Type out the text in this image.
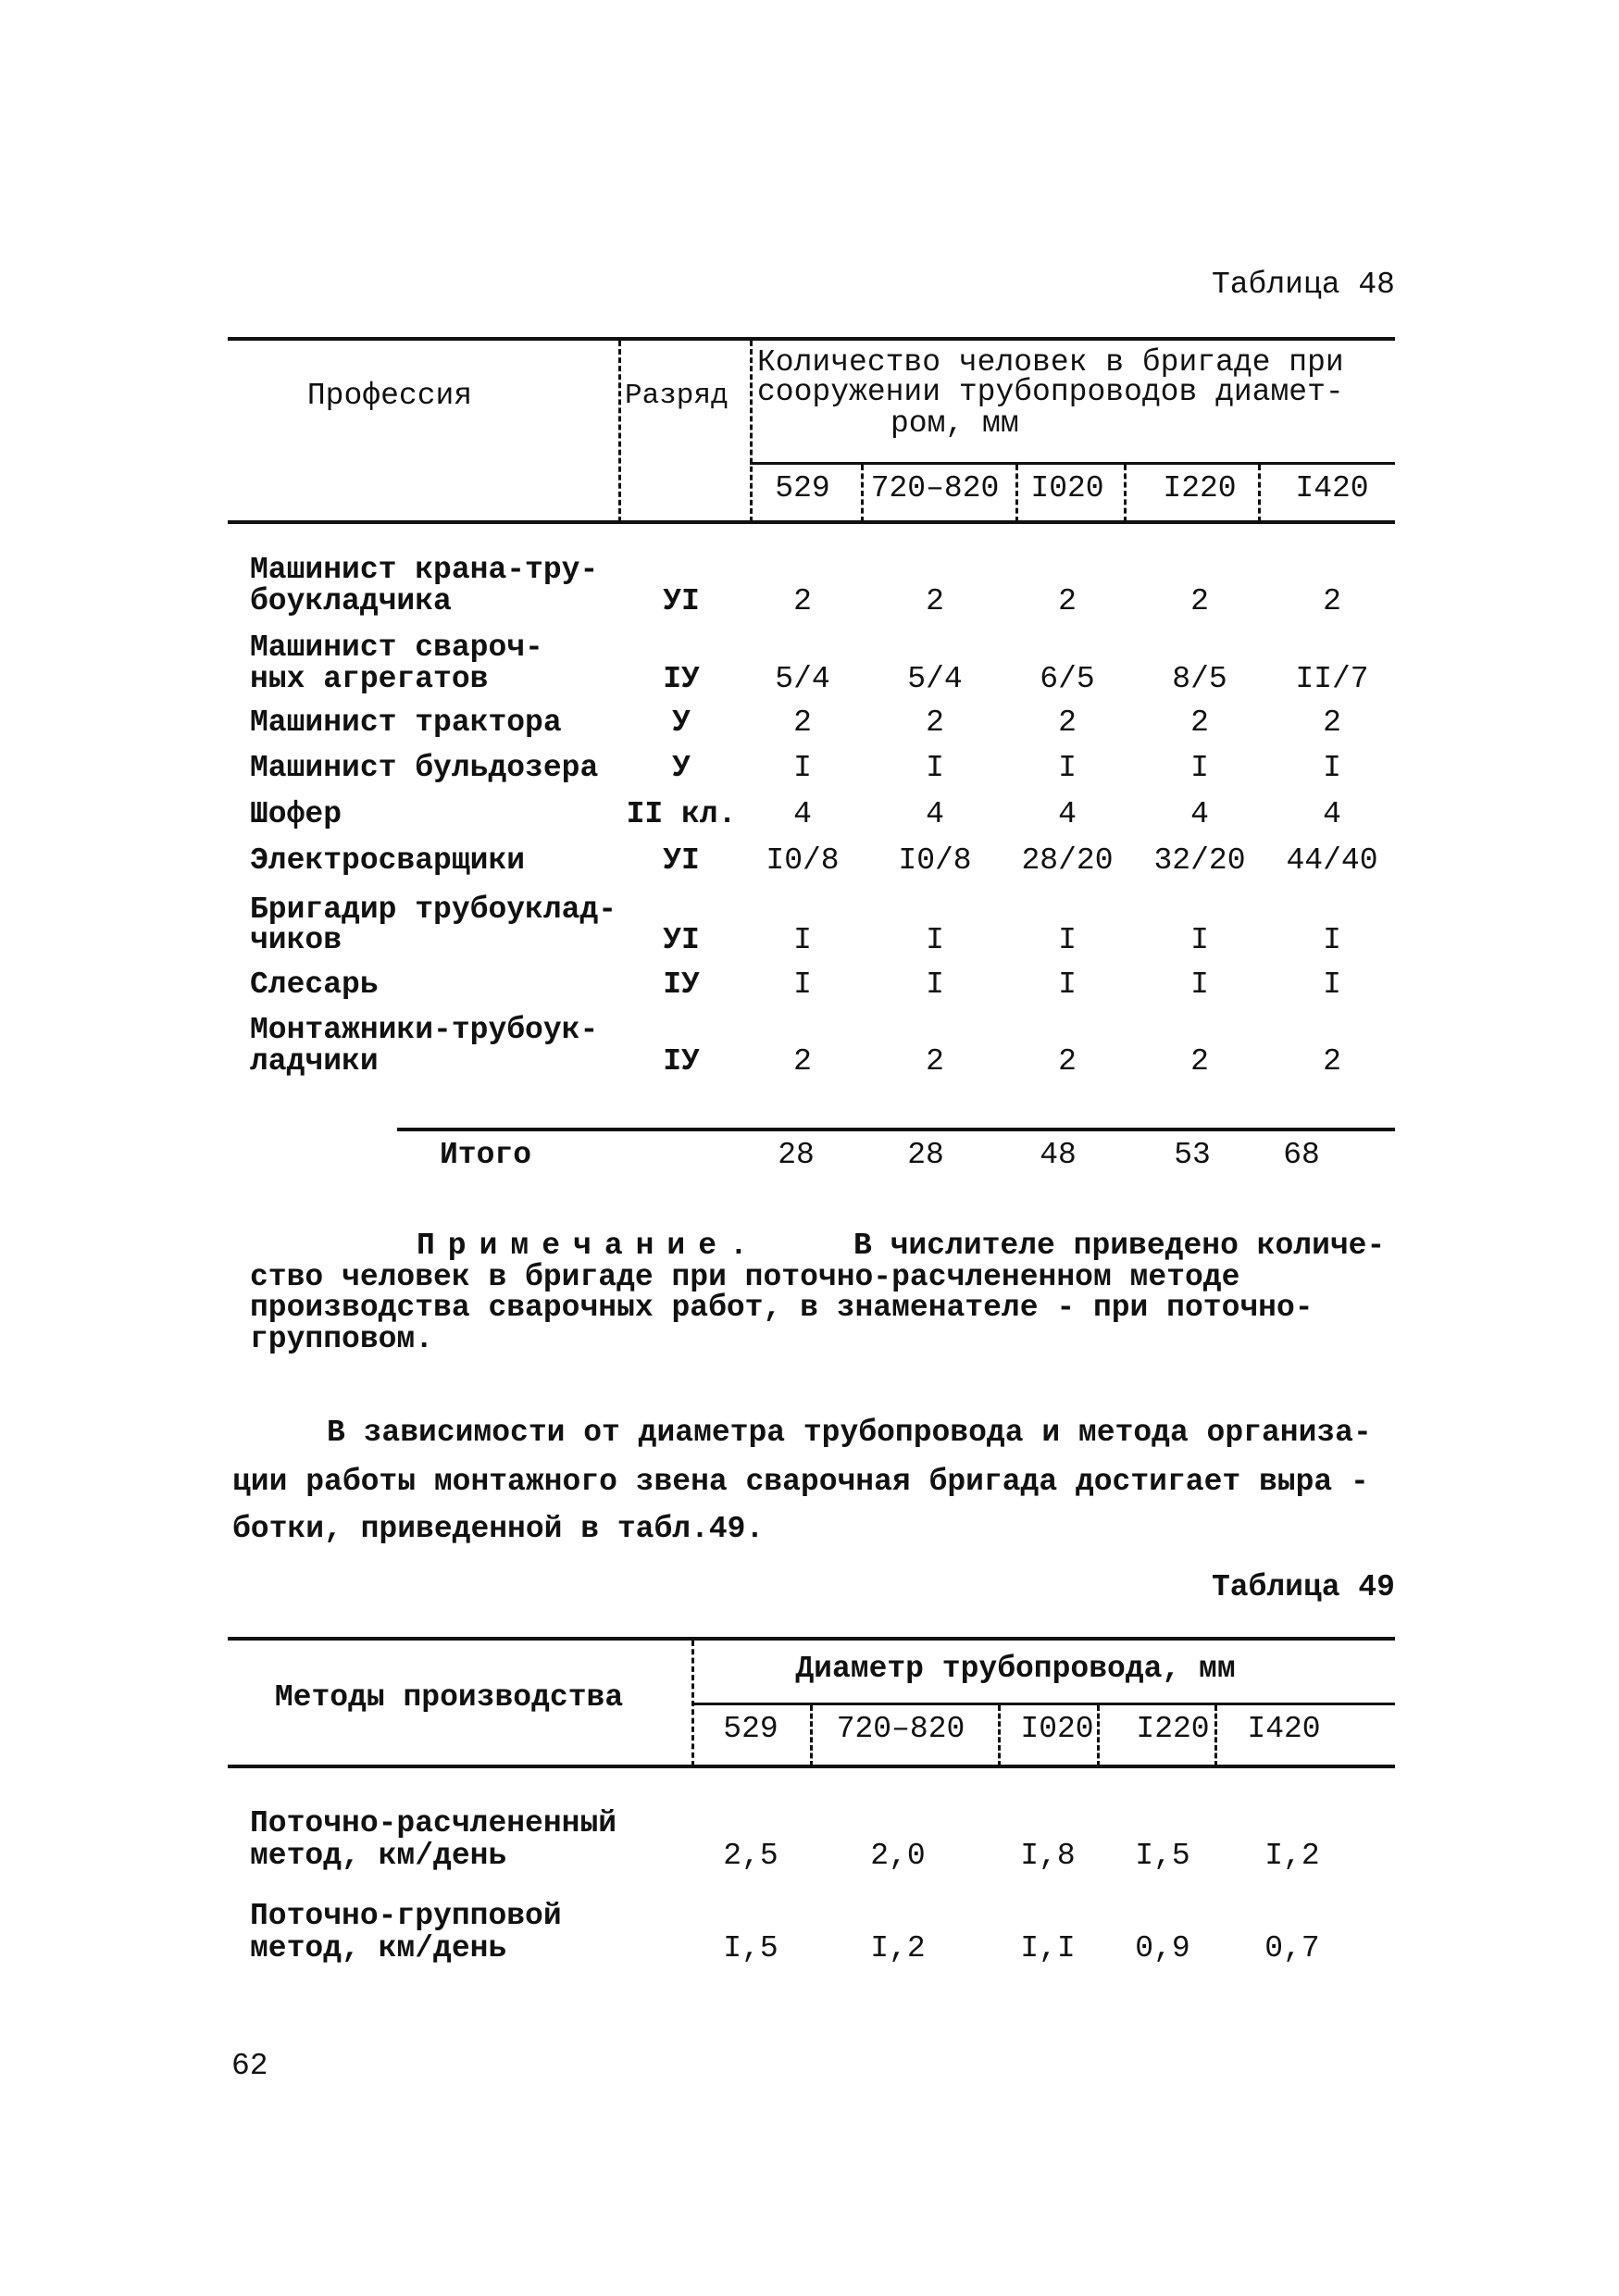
Таблица 48
Профессия	Разряд
Количество человек в бригаде при
сооружении трубопроводов диамет-
ром, мм
529 720–820 I020 I220 I420
Машинист крана-тру-
боукладчика	УI	2	2	2	2	2
Машинист свароч-
ных агрегатов	IУ 5/4	5/4	6/5	8/5 II/7
Машинист трактора	У	2	2	2	2	2
Машинист бульдозера У	I	I	I	I	I
Шофер	II кл. 4	4	4	4	4
Электросварщики	УI I0/8 I0/8 28/20 32/20 44/40
Бригадир трубоуклад-
чиков	УI	I	I	I	I	I
Слесарь	IУ	I	I	I	I	I
Монтажники-трубоук-
ладчики	IУ	2	2	2	2	2
Итого	28	28	48	53 68
Примечание.	В числителе приведено количе-
ство человек в бригаде при поточно-расчлененном методе
производства сварочных работ, в знаменателе - при поточно-
групповом.
В зависимости от диаметра трубопровода и метода организа-
ции работы монтажного звена сварочная бригада достигает выра -
ботки, приведенной в табл.49.
Таблица 49
Методы производства
Диаметр трубопровода, мм
529 720–820 I020 I220 I420
Поточно-расчлененный
метод, км/день	2,5	2,0	I,8 I,5 I,2
Поточно-групповой
метод, км/день	I,5	I,2	I,I 0,9 0,7
62
